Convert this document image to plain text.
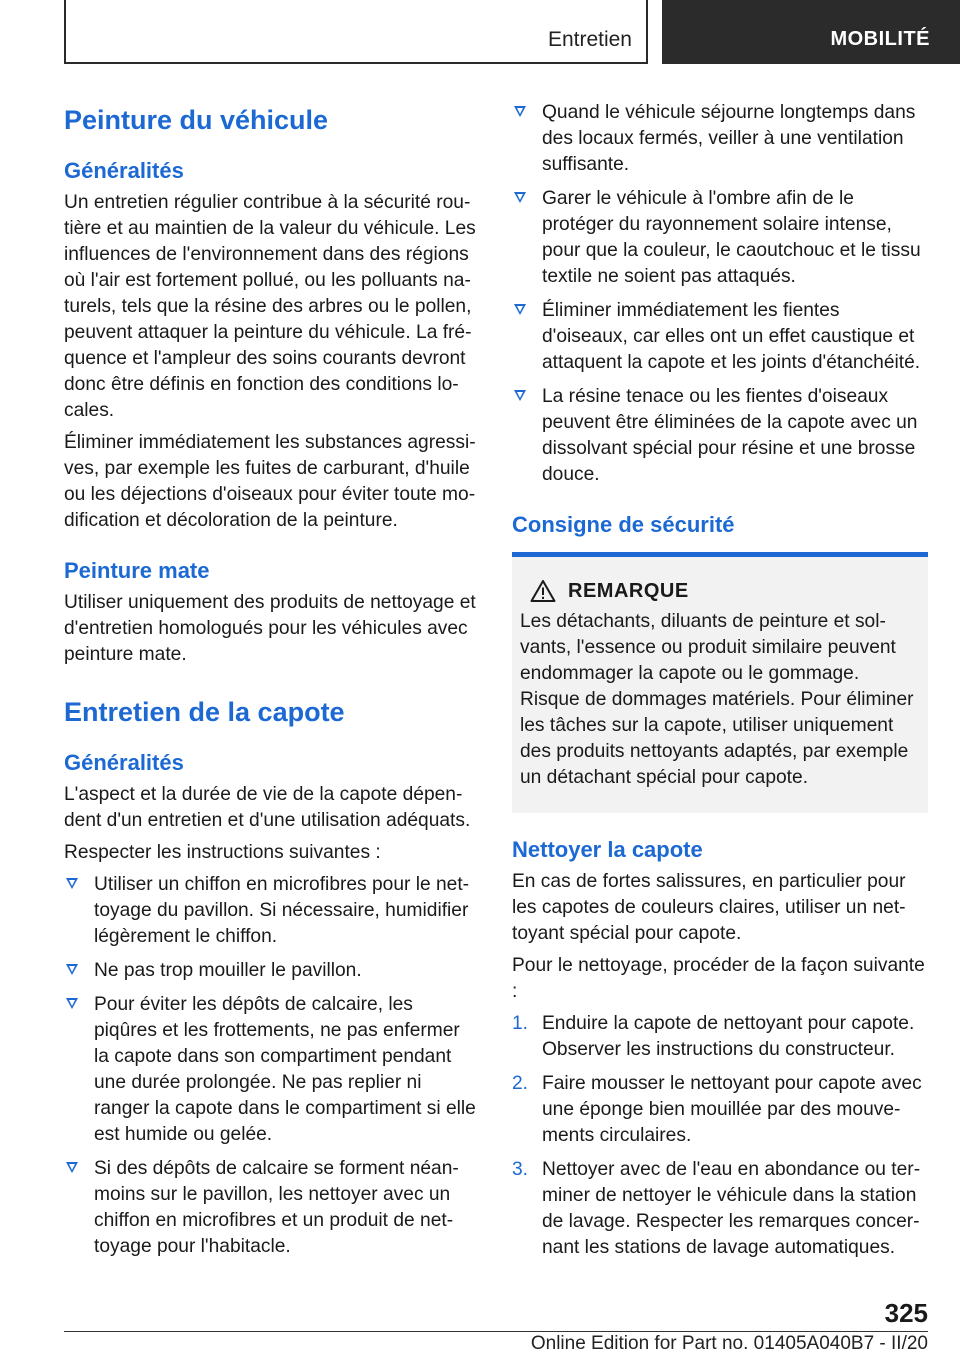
Entretien	MOBILITÉ
Peinture du véhicule
Généralités

Un entretien régulier contribue à la sécurité routière et au maintien de la valeur du véhicule. Les influences de l'environnement dans des régions où l'air est fortement pollué, ou les polluants naturels, tels que la résine des arbres ou le pollen, peuvent attaquer la peinture du véhicule. La fréquence et l'ampleur des soins courants devront donc être définis en fonction des conditions locales.

Éliminer immédiatement les substances agressives, par exemple les fuites de carburant, d'huile ou les déjections d'oiseaux pour éviter toute modification et décoloration de la peinture.

Peinture mate

Utiliser uniquement des produits de nettoyage et d'entretien homologués pour les véhicules avec peinture mate.

Entretien de la capote
Généralités

L'aspect et la durée de vie de la capote dépendent d'un entretien et d'une utilisation adéquats.

Respecter les instructions suivantes :

Utiliser un chiffon en microfibres pour le nettoyage du pavillon. Si nécessaire, humidifier légèrement le chiffon.
Ne pas trop mouiller le pavillon.
Pour éviter les dépôts de calcaire, les piqûres et les frottements, ne pas enfermer la capote dans son compartiment pendant une durée prolongée. Ne pas replier ni ranger la capote dans le compartiment si elle est humide ou gelée.
Si des dépôts de calcaire se forment néanmoins sur le pavillon, les nettoyer avec un chiffon en microfibres et un produit de nettoyage pour l'habitacle.
Quand le véhicule séjourne longtemps dans des locaux fermés, veiller à une ventilation suffisante.
Garer le véhicule à l'ombre afin de le protéger du rayonnement solaire intense, pour que la couleur, le caoutchouc et le tissu textile ne soient pas attaqués.
Éliminer immédiatement les fientes d'oiseaux, car elles ont un effet caustique et attaquent la capote et les joints d'étanchéité.
La résine tenace ou les fientes d'oiseaux peuvent être éliminées de la capote avec un dissolvant spécial pour résine et une brosse douce.
Consigne de sécurité
REMARQUE

Les détachants, diluants de peinture et solvants, l'essence ou produit similaire peuvent endommager la capote ou le gommage. Risque de dommages matériels. Pour éliminer les tâches sur la capote, utiliser uniquement des produits nettoyants adaptés, par exemple un détachant spécial pour capote.

Nettoyer la capote

En cas de fortes salissures, en particulier pour les capotes de couleurs claires, utiliser un nettoyant spécial pour capote.

Pour le nettoyage, procéder de la façon suivante :

1. Enduire la capote de nettoyant pour capote. Observer les instructions du constructeur.
2. Faire mousser le nettoyant pour capote avec une éponge bien mouillée par des mouvements circulaires.
3. Nettoyer avec de l'eau en abondance ou terminer de nettoyer le véhicule dans la station de lavage. Respecter les remarques concernant les stations de lavage automatiques.
325
Online Edition for Part no. 01405A040B7 - II/20
